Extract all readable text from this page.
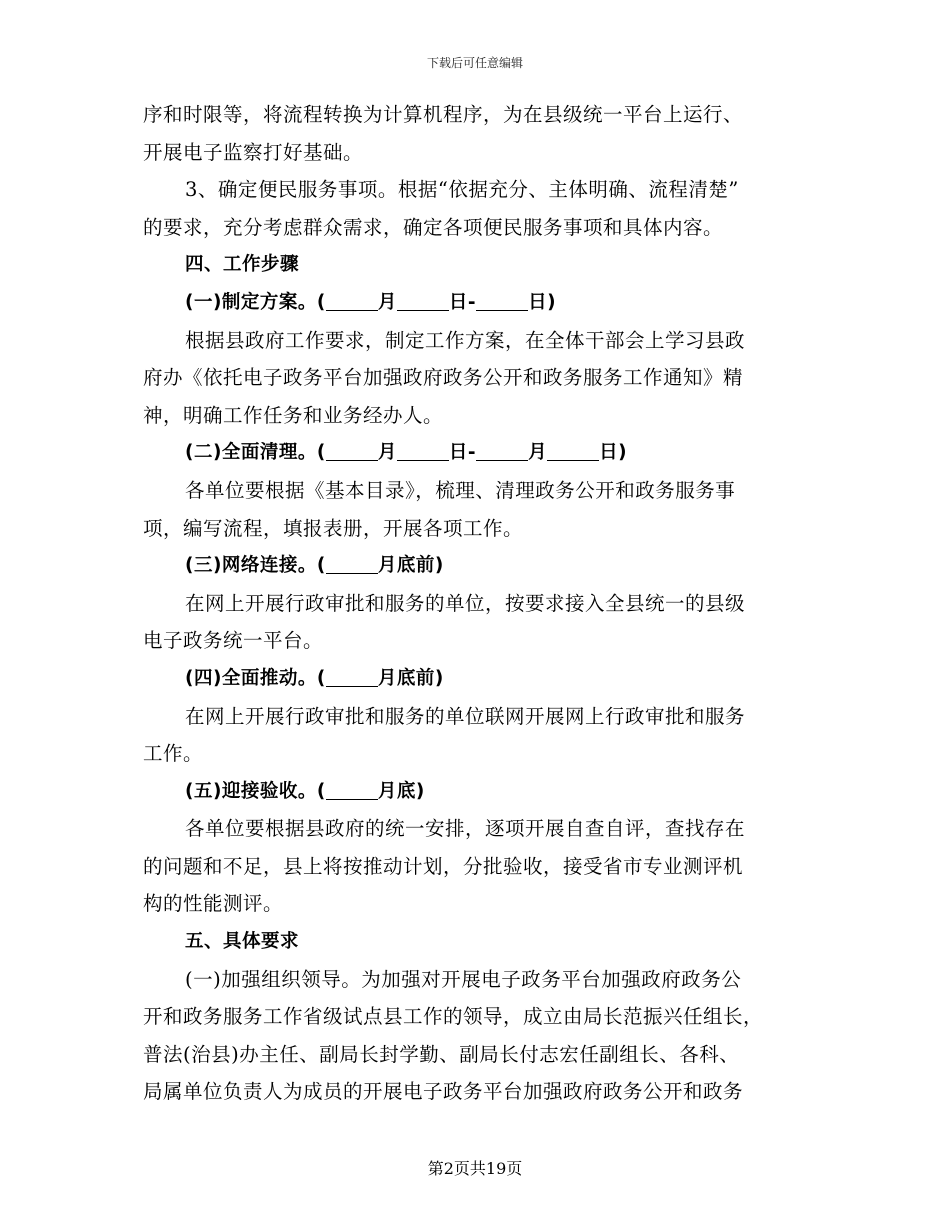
下载后可任意编辑
序和时限等，将流程转换为计算机程序，为在县级统一平台上运行、
开展电子监察打好基础。
3、确定便民服务事项。根据“依据充分、主体明确、流程清楚”
的要求，充分考虑群众需求，确定各项便民服务事项和具体内容。
四、工作步骤
(一)制定方案。(	月	日-	日)
根据县政府工作要求，制定工作方案，在全体干部会上学习县政
府办《依托电子政务平台加强政府政务公开和政务服务工作通知》精
神，明确工作任务和业务经办人。
(二)全面清理。(	月	日-	月	日)
各单位要根据《基本目录》，梳理、清理政务公开和政务服务事
项，编写流程，填报表册，开展各项工作。
(三)网络连接。(	月底前)
在网上开展行政审批和服务的单位，按要求接入全县统一的县级
电子政务统一平台。
(四)全面推动。(	月底前)
在网上开展行政审批和服务的单位联网开展网上行政审批和服务
工作。
(五)迎接验收。(	月底)
各单位要根据县政府的统一安排，逐项开展自查自评，查找存在
的问题和不足，县上将按推动计划，分批验收，接受省市专业测评机
构的性能测评。
五、具体要求
(一)加强组织领导。为加强对开展电子政务平台加强政府政务公
开和政务服务工作省级试点县工作的领导，成立由局长范振兴任组长，
普法(治县)办主任、副局长封学勤、副局长付志宏任副组长、各科、
局属单位负责人为成员的开展电子政务平台加强政府政务公开和政务
第2页共19页
